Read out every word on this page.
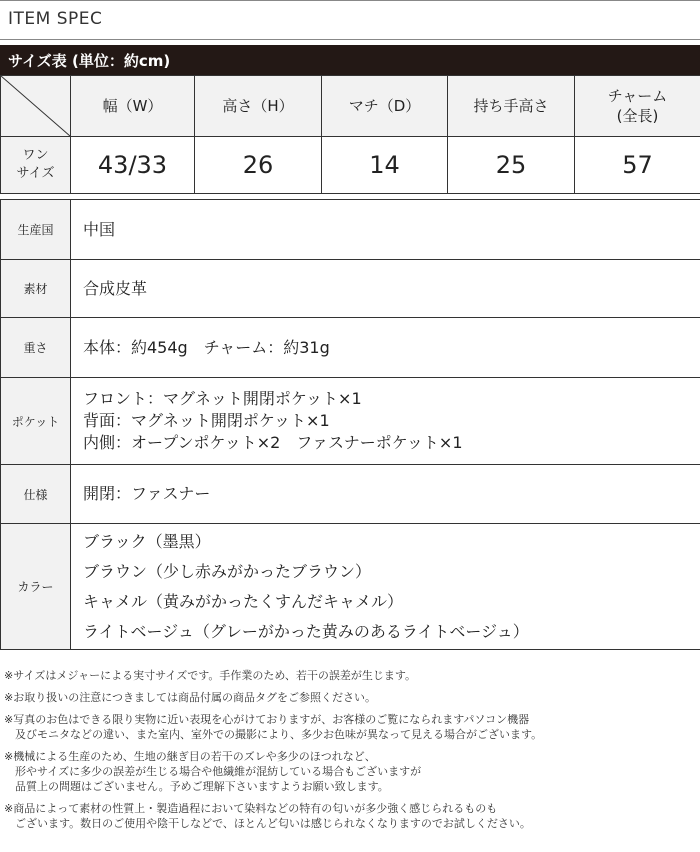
ITEM SPEC
サイズ表 (単位：約cm)
	幅（W）	高さ（H）	マチ（D）	持ち手高さ	チャーム
(全長)
ワン
サイズ	43/33	26	14	25	57
生産国	中国
素材	合成皮革
重さ	本体：約454g　チャーム：約31g
ポケット	フロント：マグネット開閉ポケット×1
背面：マグネット開閉ポケット×1
内側：オープンポケット×2　ファスナーポケット×1

仕様	開閉：ファスナー
カラー	ブラック（墨黒）
ブラウン（少し赤みがかったブラウン）
キャメル（黄みがかったくすんだキャメル）
ライトベージュ（グレーがかった黄みのあるライトベージュ）
※サイズはメジャーによる実寸サイズです。手作業のため、若干の誤差が生じます。
※お取り扱いの注意につきましては商品付属の商品タグをご参照ください。
※写真のお色はできる限り実物に近い表現を心がけておりますが、お客様のご覧になられますパソコン機器
　及びモニタなどの違い、また室内、室外での撮影により、多少お色味が異なって見える場合がございます。
※機械による生産のため、生地の継ぎ目の若干のズレや多少のほつれなど、
　形やサイズに多少の誤差が生じる場合や他繊維が混紡している場合もございますが
　品質上の問題はございません。予めご理解下さいますようお願い致します。
※商品によって素材の性質上・製造過程において染料などの特有の匂いが多少強く感じられるものも
　ございます。数日のご使用や陰干しなどで、ほとんど匂いは感じられなくなりますのでお試しください。
